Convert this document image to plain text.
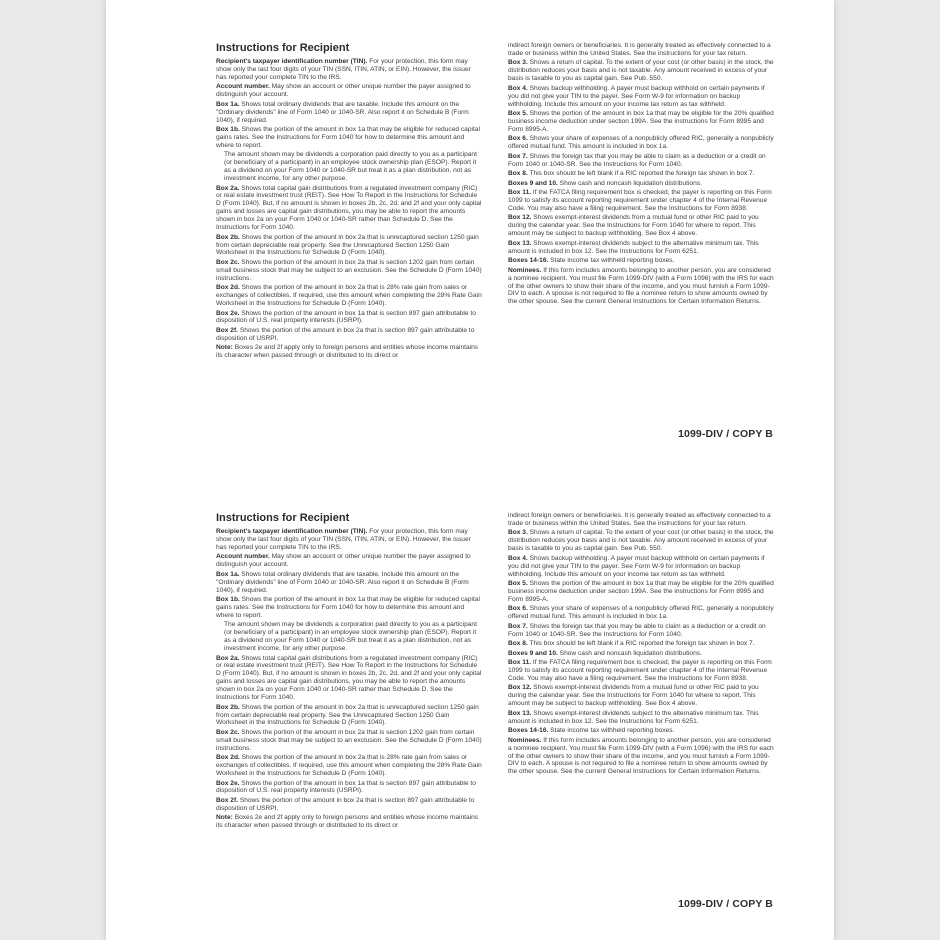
Instructions for Recipient
Recipient's taxpayer identification number (TIN). For your protection, this form may show only the last four digits of your TIN (SSN, ITIN, ATIN, or EIN). However, the issuer has reported your complete TIN to the IRS.
Account number. May show an account or other unique number the payer assigned to distinguish your account.
Box 1a. Shows total ordinary dividends that are taxable. Include this amount on the "Ordinary dividends" line of Form 1040 or 1040-SR. Also report it on Schedule B (Form 1040), if required.
Box 1b. Shows the portion of the amount in box 1a that may be eligible for reduced capital gains rates. See the Instructions for Form 1040 for how to determine this amount and where to report.
The amount shown may be dividends a corporation paid directly to you as a participant (or beneficiary of a participant) in an employee stock ownership plan (ESOP). Report it as a dividend on your Form 1040 or 1040-SR but treat it as a plan distribution, not as investment income, for any other purpose.
Box 2a. Shows total capital gain distributions from a regulated investment company (RIC) or real estate investment trust (REIT). See How To Report in the Instructions for Schedule D (Form 1040). But, if no amount is shown in boxes 2b, 2c, 2d, and 2f and your only capital gains and losses are capital gain distributions, you may be able to report the amounts shown in box 2a on your Form 1040 or 1040-SR rather than Schedule D. See the Instructions for Form 1040.
Box 2b. Shows the portion of the amount in box 2a that is unrecaptured section 1250 gain from certain depreciable real property. See the Unrecaptured Section 1250 Gain Worksheet in the Instructions for Schedule D (Form 1040).
Box 2c. Shows the portion of the amount in box 2a that is section 1202 gain from certain small business stock that may be subject to an exclusion. See the Schedule D (Form 1040) instructions.
Box 2d. Shows the portion of the amount in box 2a that is 28% rate gain from sales or exchanges of collectibles. If required, use this amount when completing the 28% Rate Gain Worksheet in the Instructions for Schedule D (Form 1040).
Box 2e. Shows the portion of the amount in box 1a that is section 897 gain attributable to disposition of U.S. real property interests (USRPI).
Box 2f. Shows the portion of the amount in box 2a that is section 897 gain attributable to disposition of USRPI.
Note: Boxes 2e and 2f apply only to foreign persons and entities whose income maintains its character when passed through or distributed to its direct or
indirect foreign owners or beneficiaries. It is generally treated as effectively connected to a trade or business within the United States. See the instructions for your tax return.
Box 3. Shows a return of capital. To the extent of your cost (or other basis) in the stock, the distribution reduces your basis and is not taxable. Any amount received in excess of your basis is taxable to you as capital gain. See Pub. 550.
Box 4. Shows backup withholding. A payer must backup withhold on certain payments if you did not give your TIN to the payer. See Form W-9 for information on backup withholding. Include this amount on your income tax return as tax withheld.
Box 5. Shows the portion of the amount in box 1a that may be eligible for the 20% qualified business income deduction under section 199A. See the instructions for Form 8995 and Form 8995-A.
Box 6. Shows your share of expenses of a nonpublicly offered RIC, generally a nonpublicly offered mutual fund. This amount is included in box 1a.
Box 7. Shows the foreign tax that you may be able to claim as a deduction or a credit on Form 1040 or 1040-SR. See the Instructions for Form 1040.
Box 8. This box should be left blank if a RIC reported the foreign tax shown in box 7.
Boxes 9 and 10. Show cash and noncash liquidation distributions.
Box 11. If the FATCA filing requirement box is checked, the payer is reporting on this Form 1099 to satisfy its account reporting requirement under chapter 4 of the Internal Revenue Code. You may also have a filing requirement. See the Instructions for Form 8938.
Box 12. Shows exempt-interest dividends from a mutual fund or other RIC paid to you during the calendar year. See the Instructions for Form 1040 for where to report. This amount may be subject to backup withholding. See Box 4 above.
Box 13. Shows exempt-interest dividends subject to the alternative minimum tax. This amount is included in box 12. See the Instructions for Form 6251.
Boxes 14-16. State income tax withheld reporting boxes.
Nominees. If this form includes amounts belonging to another person, you are considered a nominee recipient. You must file Form 1099-DIV (with a Form 1096) with the IRS for each of the other owners to show their share of the income, and you must furnish a Form 1099-DIV to each. A spouse is not required to file a nominee return to show amounts owned by the other spouse. See the current General Instructions for Certain Information Returns.
1099-DIV / COPY B
Instructions for Recipient
Recipient's taxpayer identification number (TIN). For your protection, this form may show only the last four digits of your TIN (SSN, ITIN, ATIN, or EIN). However, the issuer has reported your complete TIN to the IRS.
Account number. May show an account or other unique number the payer assigned to distinguish your account.
Box 1a. Shows total ordinary dividends that are taxable. Include this amount on the "Ordinary dividends" line of Form 1040 or 1040-SR. Also report it on Schedule B (Form 1040), if required.
Box 1b. Shows the portion of the amount in box 1a that may be eligible for reduced capital gains rates. See the Instructions for Form 1040 for how to determine this amount and where to report.
The amount shown may be dividends a corporation paid directly to you as a participant (or beneficiary of a participant) in an employee stock ownership plan (ESOP). Report it as a dividend on your Form 1040 or 1040-SR but treat it as a plan distribution, not as investment income, for any other purpose.
Box 2a. Shows total capital gain distributions from a regulated investment company (RIC) or real estate investment trust (REIT). See How To Report in the Instructions for Schedule D (Form 1040). But, if no amount is shown in boxes 2b, 2c, 2d, and 2f and your only capital gains and losses are capital gain distributions, you may be able to report the amounts shown in box 2a on your Form 1040 or 1040-SR rather than Schedule D. See the Instructions for Form 1040.
Box 2b. Shows the portion of the amount in box 2a that is unrecaptured section 1250 gain from certain depreciable real property. See the Unrecaptured Section 1250 Gain Worksheet in the Instructions for Schedule D (Form 1040).
Box 2c. Shows the portion of the amount in box 2a that is section 1202 gain from certain small business stock that may be subject to an exclusion. See the Schedule D (Form 1040) instructions.
Box 2d. Shows the portion of the amount in box 2a that is 28% rate gain from sales or exchanges of collectibles. If required, use this amount when completing the 28% Rate Gain Worksheet in the Instructions for Schedule D (Form 1040).
Box 2e. Shows the portion of the amount in box 1a that is section 897 gain attributable to disposition of U.S. real property interests (USRPI).
Box 2f. Shows the portion of the amount in box 2a that is section 897 gain attributable to disposition of USRPI.
Note: Boxes 2e and 2f apply only to foreign persons and entities whose income maintains its character when passed through or distributed to its direct or
indirect foreign owners or beneficiaries. It is generally treated as effectively connected to a trade or business within the United States. See the instructions for your tax return.
Box 3. Shows a return of capital. To the extent of your cost (or other basis) in the stock, the distribution reduces your basis and is not taxable. Any amount received in excess of your basis is taxable to you as capital gain. See Pub. 550.
Box 4. Shows backup withholding. A payer must backup withhold on certain payments if you did not give your TIN to the payer. See Form W-9 for information on backup withholding. Include this amount on your income tax return as tax withheld.
Box 5. Shows the portion of the amount in box 1a that may be eligible for the 20% qualified business income deduction under section 199A. See the instructions for Form 8995 and Form 8995-A.
Box 6. Shows your share of expenses of a nonpublicly offered RIC, generally a nonpublicly offered mutual fund. This amount is included in box 1a.
Box 7. Shows the foreign tax that you may be able to claim as a deduction or a credit on Form 1040 or 1040-SR. See the Instructions for Form 1040.
Box 8. This box should be left blank if a RIC reported the foreign tax shown in box 7.
Boxes 9 and 10. Show cash and noncash liquidation distributions.
Box 11. If the FATCA filing requirement box is checked, the payer is reporting on this Form 1099 to satisfy its account reporting requirement under chapter 4 of the Internal Revenue Code. You may also have a filing requirement. See the Instructions for Form 8938.
Box 12. Shows exempt-interest dividends from a mutual fund or other RIC paid to you during the calendar year. See the Instructions for Form 1040 for where to report. This amount may be subject to backup withholding. See Box 4 above.
Box 13. Shows exempt-interest dividends subject to the alternative minimum tax. This amount is included in box 12. See the Instructions for Form 6251.
Boxes 14-16. State income tax withheld reporting boxes.
Nominees. If this form includes amounts belonging to another person, you are considered a nominee recipient. You must file Form 1099-DIV (with a Form 1096) with the IRS for each of the other owners to show their share of the income, and you must furnish a Form 1099-DIV to each. A spouse is not required to file a nominee return to show amounts owned by the other spouse. See the current General Instructions for Certain Information Returns.
1099-DIV / COPY B
